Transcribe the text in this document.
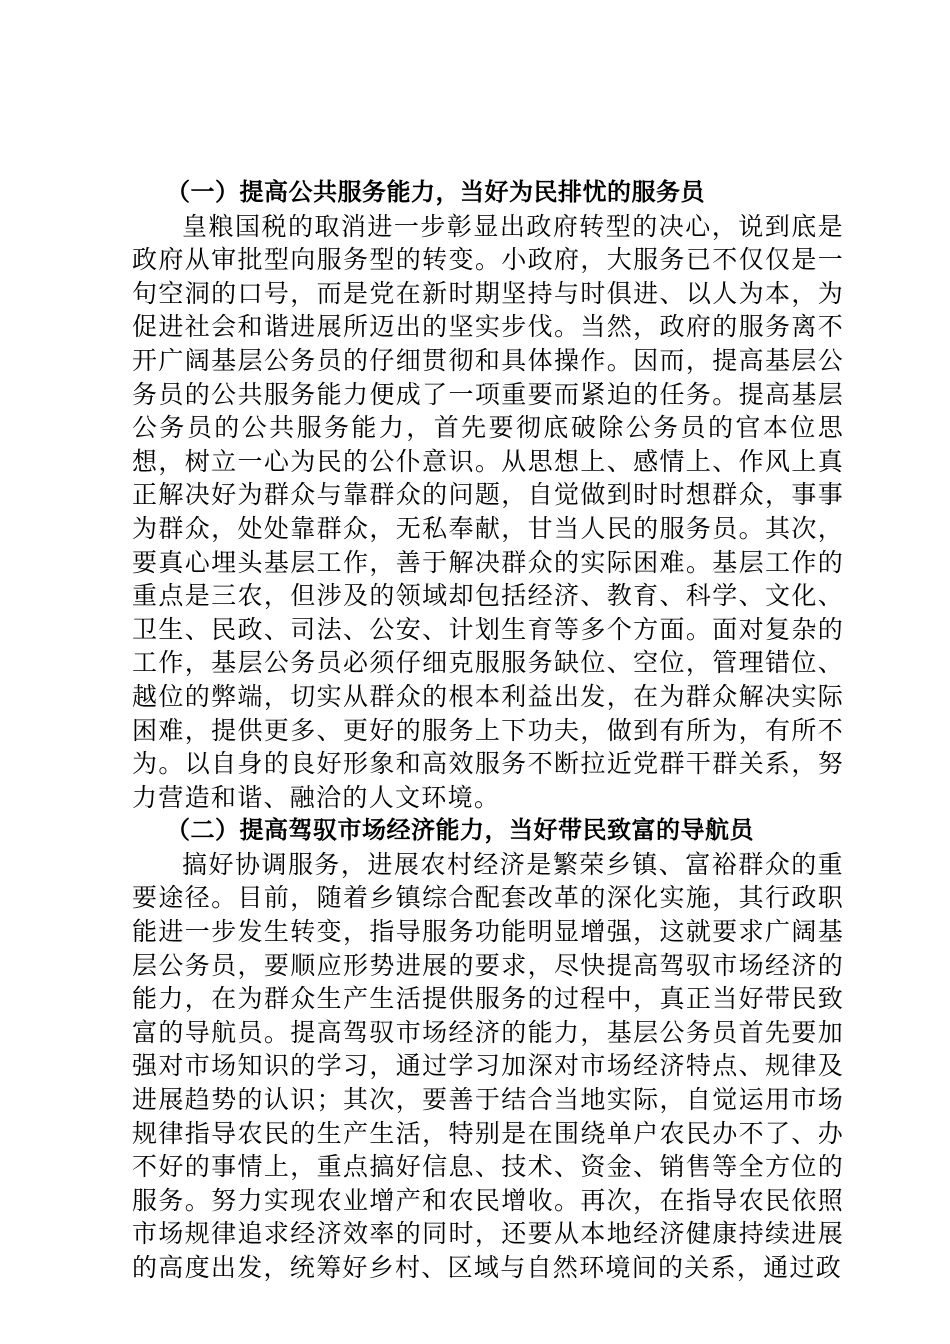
（一）提高公共服务能力，当好为民排忧的服务员

皇粮国税的取消进一步彰显出政府转型的决心，说到底是政府从审批型向服务型的转变。小政府，大服务已不仅仅是一句空洞的口号，而是党在新时期坚持与时俱进、以人为本，为促进社会和谐进展所迈出的坚实步伐。当然，政府的服务离不开广阔基层公务员的仔细贯彻和具体操作。因而，提高基层公务员的公共服务能力便成了一项重要而紧迫的任务。提高基层公务员的公共服务能力，首先要彻底破除公务员的官本位思想，树立一心为民的公仆意识。从思想上、感情上、作风上真正解决好为群众与靠群众的问题，自觉做到时时想群众，事事为群众，处处靠群众，无私奉献，甘当人民的服务员。其次，要真心埋头基层工作，善于解决群众的实际困难。基层工作的重点是三农，但涉及的领域却包括经济、教育、科学、文化、卫生、民政、司法、公安、计划生育等多个方面。面对复杂的工作，基层公务员必须仔细克服服务缺位、空位，管理错位、越位的弊端，切实从群众的根本利益出发，在为群众解决实际困难，提供更多、更好的服务上下功夫，做到有所为，有所不为。以自身的良好形象和高效服务不断拉近党群干群关系，努力营造和谐、融洽的人文环境。

（二）提高驾驭市场经济能力，当好带民致富的导航员

搞好协调服务，进展农村经济是繁荣乡镇、富裕群众的重要途径。目前，随着乡镇综合配套改革的深化实施，其行政职能进一步发生转变，指导服务功能明显增强，这就要求广阔基层公务员，要顺应形势进展的要求，尽快提高驾驭市场经济的能力，在为群众生产生活提供服务的过程中，真正当好带民致富的导航员。提高驾驭市场经济的能力，基层公务员首先要加强对市场知识的学习，通过学习加深对市场经济特点、规律及进展趋势的认识；其次，要善于结合当地实际，自觉运用市场规律指导农民的生产生活，特别是在围绕单户农民办不了、办不好的事情上，重点搞好信息、技术、资金、销售等全方位的服务。努力实现农业增产和农民增收。再次，在指导农民依照市场规律追求经济效率的同时，还要从本地经济健康持续进展的高度出发，统筹好乡村、区域与自然环境间的关系，通过政
